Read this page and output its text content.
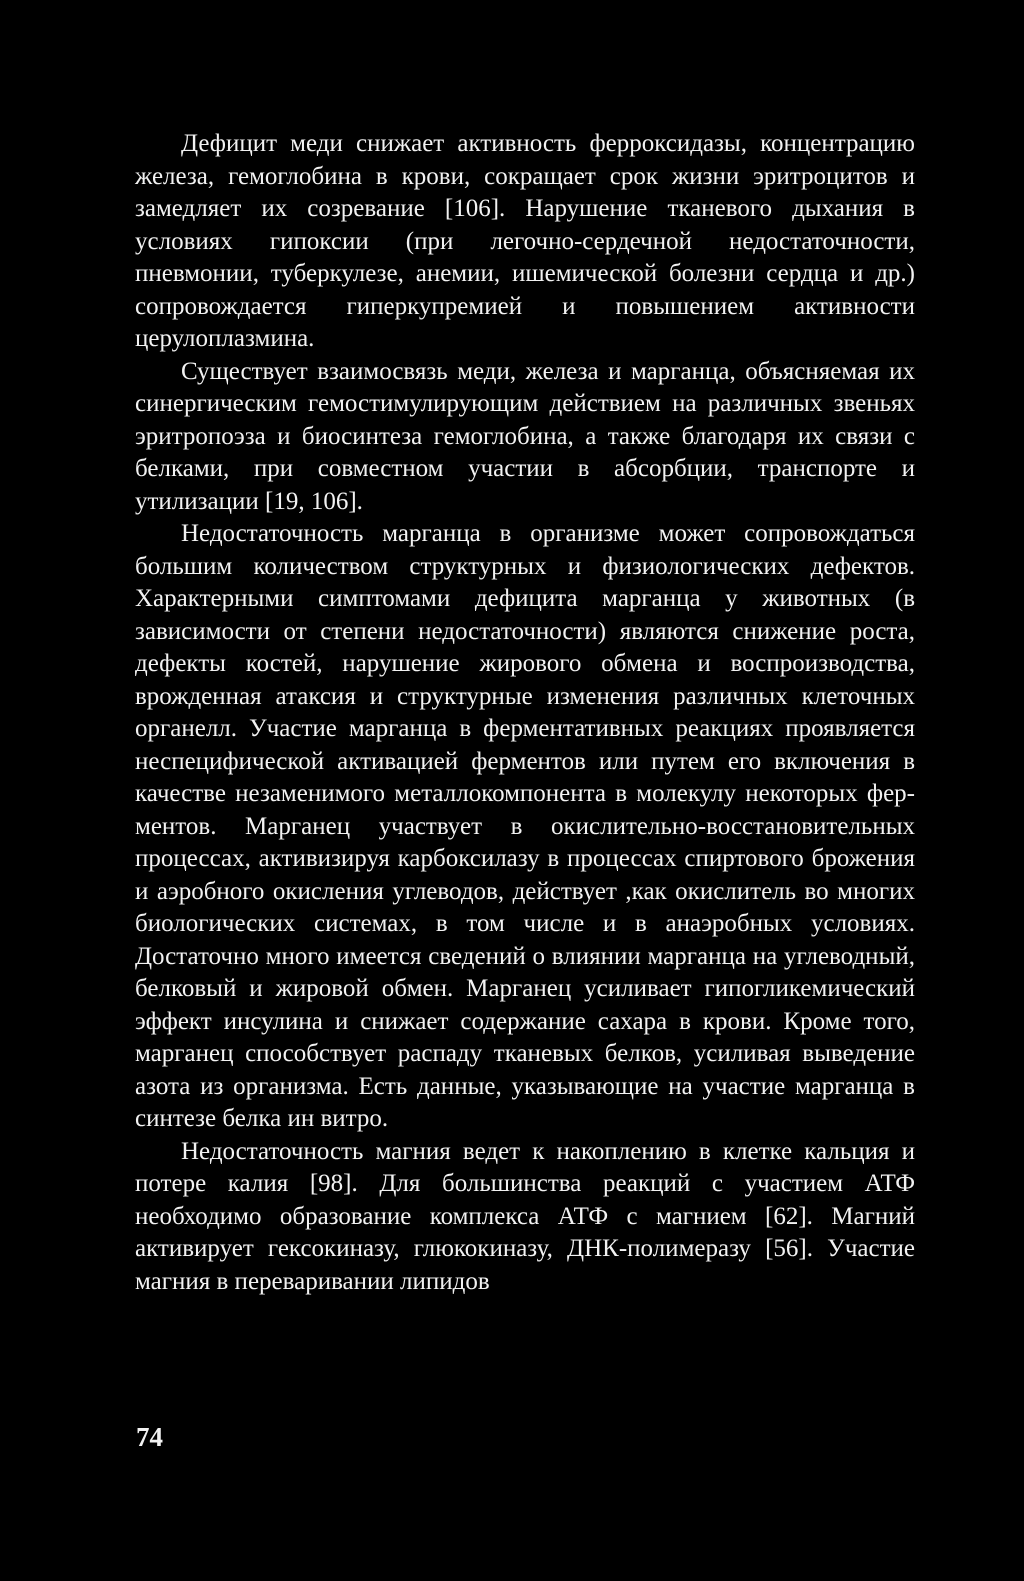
Дефицит меди снижает активность ферроксидазы, концентрацию железа, гемоглобина в крови, сокращает срок жизни эритроцитов и замедляет их созревание [106]. Нарушение тканевого дыхания в условиях гипоксии (при легочно-сердечной недостаточности, пневмонии, туберкулезе, анемии, ишемической болезни сердца и др.) сопровождается гиперкупремией и повышением активности церулоплазмина.

Существует взаимосвязь меди, железа и марганца, объясняемая их синергическим гемостимулирующим действием на различных звеньях эритропоэза и биосинтеза гемоглобина, а также благодаря их связи с белками, при совместном участии в абсорбции, транспорте и утилизации [19, 106].

Недостаточность марганца в организме может сопровождаться большим количеством структурных и физиологических дефектов. Характерными симптомами дефицита марганца у животных (в зависимости от степени недостаточности) являются снижение роста, дефекты костей, нарушение жирового обмена и воспроизводства, врожденная атаксия и структурные изменения различных клеточных органелл. Участие марганца в ферментативных реакциях проявляется неспецифической активацией ферментов или путем его включения в качестве незаменимого металлокомпонента в молекулу некоторых ферментов. Марганец участвует в окислительно-восстановительных процессах, активизируя карбоксилазу в процессах спиртового брожения и аэробного окисления углеводов, действует ,как окислитель во многих биологических системах, в том числе и в анаэробных условиях. Достаточно много имеется сведений о влиянии марганца на углеводный, белковый и жировой обмен. Марганец усиливает гипогликемический эффект инсулина и снижает содержание сахара в крови. Кроме того, марганец способствует распаду тканевых белков, усиливая выведение азота из организма. Есть данные, указывающие на участие марганца в синтезе белка ин витро.

Недостаточность магния ведет к накоплению в клетке кальция и потере калия [98]. Для большинства реакций с участием АТФ необходимо образование комплекса АТФ с магнием [62]. Магний активирует гексокиназу, глюкокиназу, ДНК-полимеразу [56]. Участие магния в переваривании липидов

74
